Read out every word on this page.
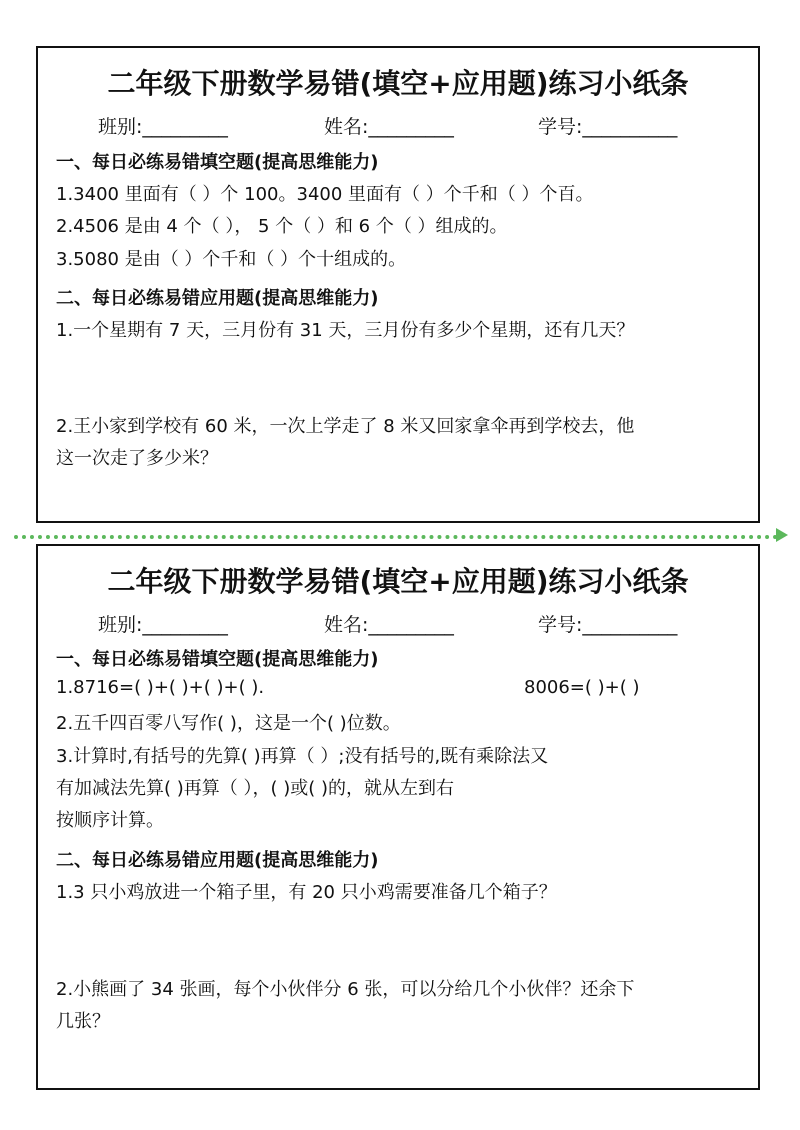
二年级下册数学易错(填空+应用题)练习小纸条
班别:_________	姓名:_________	学号:__________
一、每日必练易错填空题(提高思维能力)
1.3400 里面有（ ）个 100。3400 里面有（ ）个千和（ ）个百。
2.4506 是由 4 个（ ）， 5 个（ ）和 6 个（ ）组成的。
3.5080 是由（ ）个千和（ ）个十组成的。
二、每日必练易错应用题(提高思维能力)
1.一个星期有 7 天，三月份有 31 天，三月份有多少个星期，还有几天？
2.王小家到学校有 60 米，一次上学走了 8 米又回家拿伞再到学校去，他
这一次走了多少米？
二年级下册数学易错(填空+应用题)练习小纸条
班别:_________	姓名:_________	学号:__________
一、每日必练易错填空题(提高思维能力)
1.8716=( )+( )+( )+( ).	8006=( )+( )
2.五千四百零八写作( )，这是一个( )位数。
3.计算时,有括号的先算( )再算（ ）;没有括号的,既有乘除法又
有加减法先算( )再算（ ），( )或( )的，就从左到右
按顺序计算。
二、每日必练易错应用题(提高思维能力)
1.3 只小鸡放进一个箱子里，有 20 只小鸡需要准备几个箱子？
2.小熊画了 34 张画，每个小伙伴分 6 张，可以分给几个小伙伴？还余下
几张？
